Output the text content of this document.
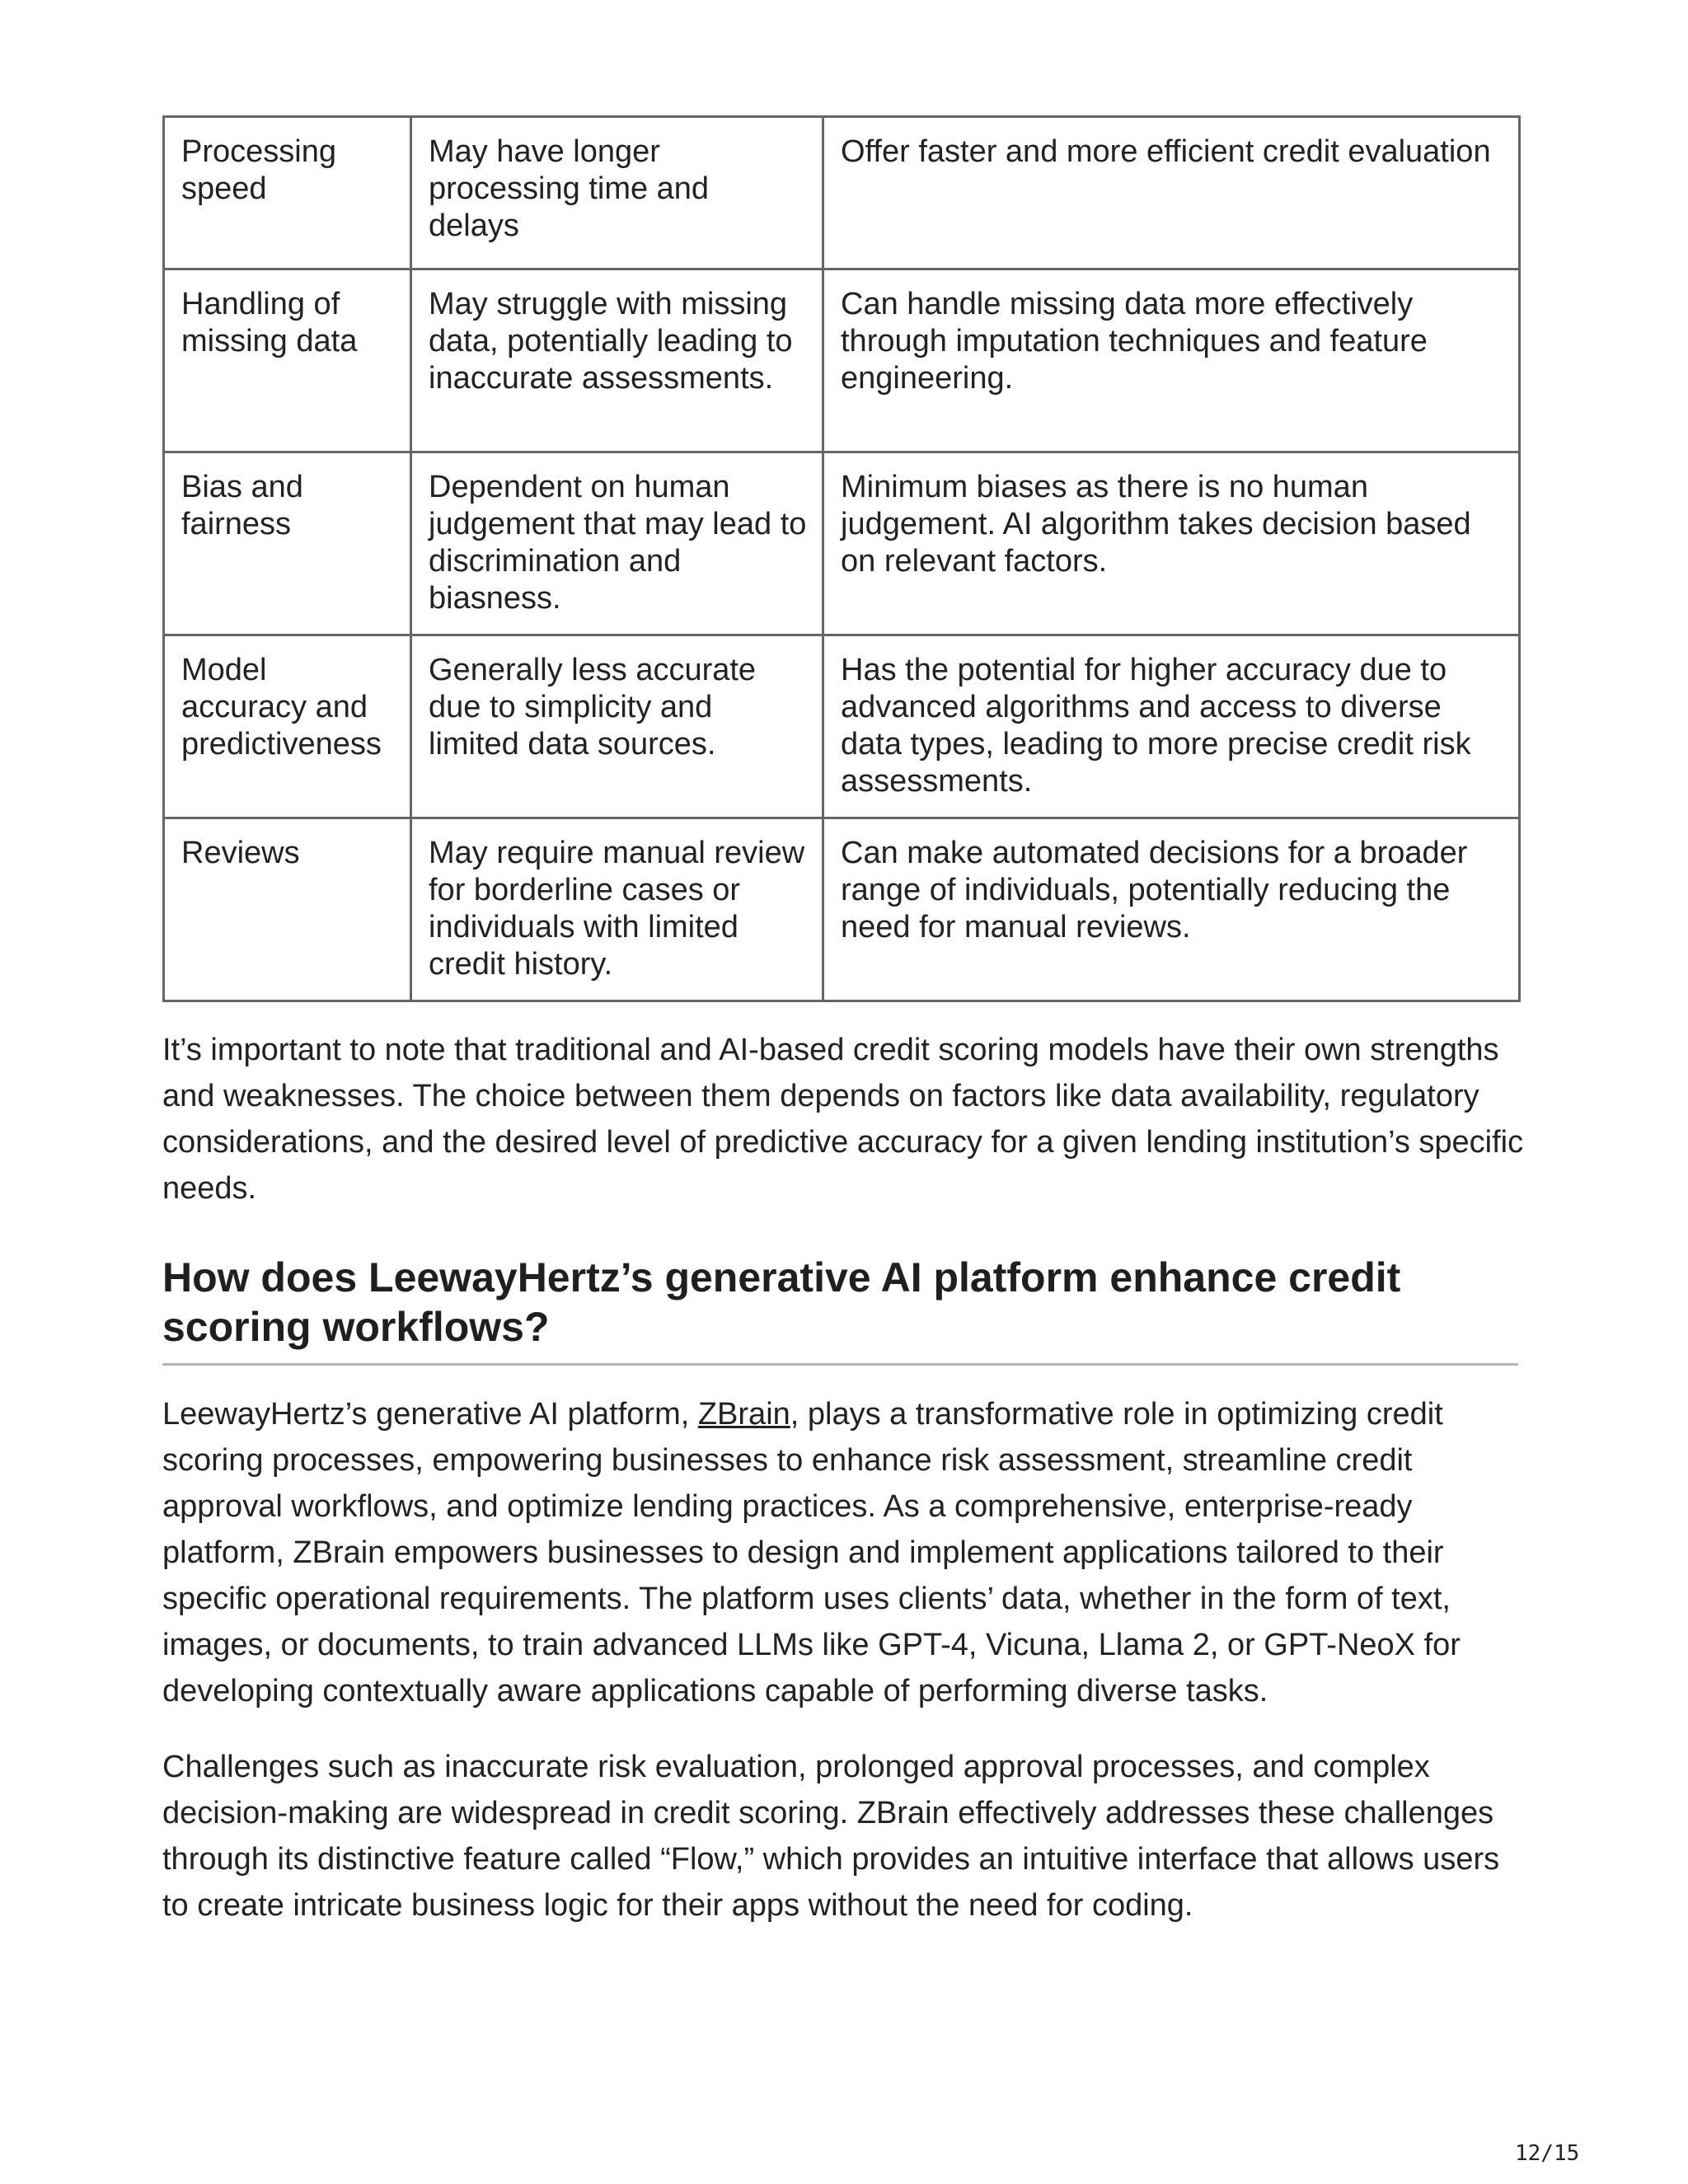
Processing speed	May have longer processing time and delays	Offer faster and more efficient credit evaluation
Handling of missing data	May struggle with missing data, potentially leading to inaccurate assessments.	Can handle missing data more effectively through imputation techniques and feature engineering.
Bias and fairness	Dependent on human judgement that may lead to discrimination and biasness.	Minimum biases as there is no human judgement. AI algorithm takes decision based on relevant factors.
Model accuracy and predictiveness	Generally less accurate due to simplicity and limited data sources.	Has the potential for higher accuracy due to advanced algorithms and access to diverse data types, leading to more precise credit risk assessments.
Reviews	May require manual review for borderline cases or individuals with limited credit history.	Can make automated decisions for a broader range of individuals, potentially reducing the need for manual reviews.

It’s important to note that traditional and AI-based credit scoring models have their own strengths and weaknesses. The choice between them depends on factors like data availability, regulatory considerations, and the desired level of predictive accuracy for a given lending institution’s specific needs.

How does LeewayHertz’s generative AI platform enhance credit scoring workflows?

LeewayHertz’s generative AI platform, ZBrain, plays a transformative role in optimizing credit scoring processes, empowering businesses to enhance risk assessment, streamline credit approval workflows, and optimize lending practices. As a comprehensive, enterprise-ready platform, ZBrain empowers businesses to design and implement applications tailored to their specific operational requirements. The platform uses clients’ data, whether in the form of text, images, or documents, to train advanced LLMs like GPT-4, Vicuna, Llama 2, or GPT-NeoX for developing contextually aware applications capable of performing diverse tasks.

Challenges such as inaccurate risk evaluation, prolonged approval processes, and complex decision-making are widespread in credit scoring. ZBrain effectively addresses these challenges through its distinctive feature called “Flow,” which provides an intuitive interface that allows users to create intricate business logic for their apps without the need for coding.

12/15
